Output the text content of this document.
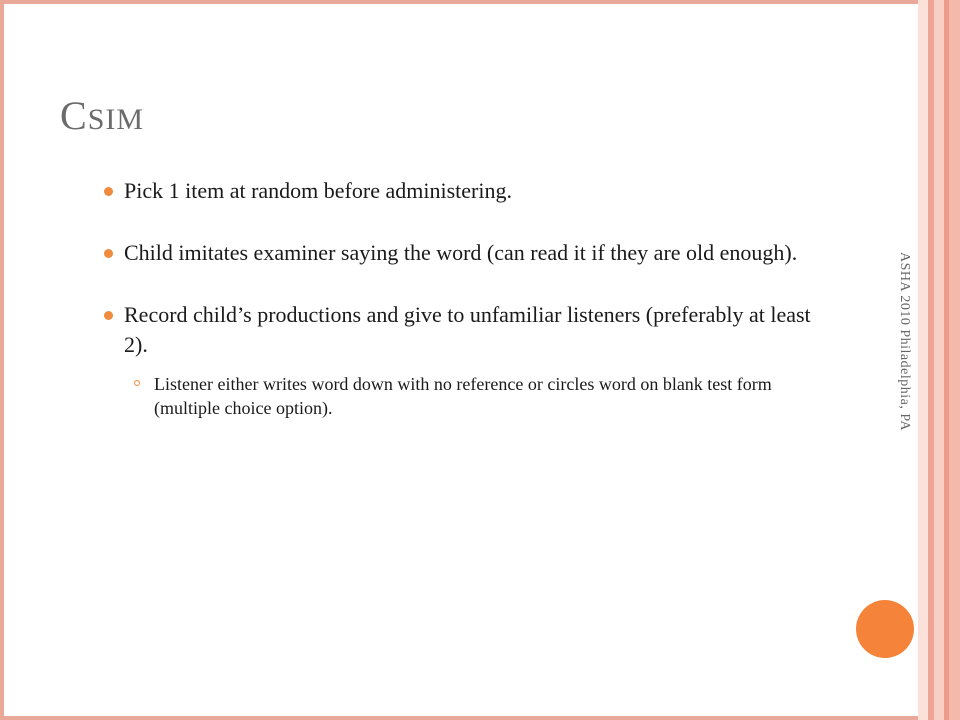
CSIM
Pick 1 item at random before administering.
Child imitates examiner saying the word (can read it if they are old enough).
Record child’s productions and give to unfamiliar listeners (preferably at least 2).
Listener either writes word down with no reference or circles word on blank test form (multiple choice option).	ASHA 2010 Philadelphia, PA
